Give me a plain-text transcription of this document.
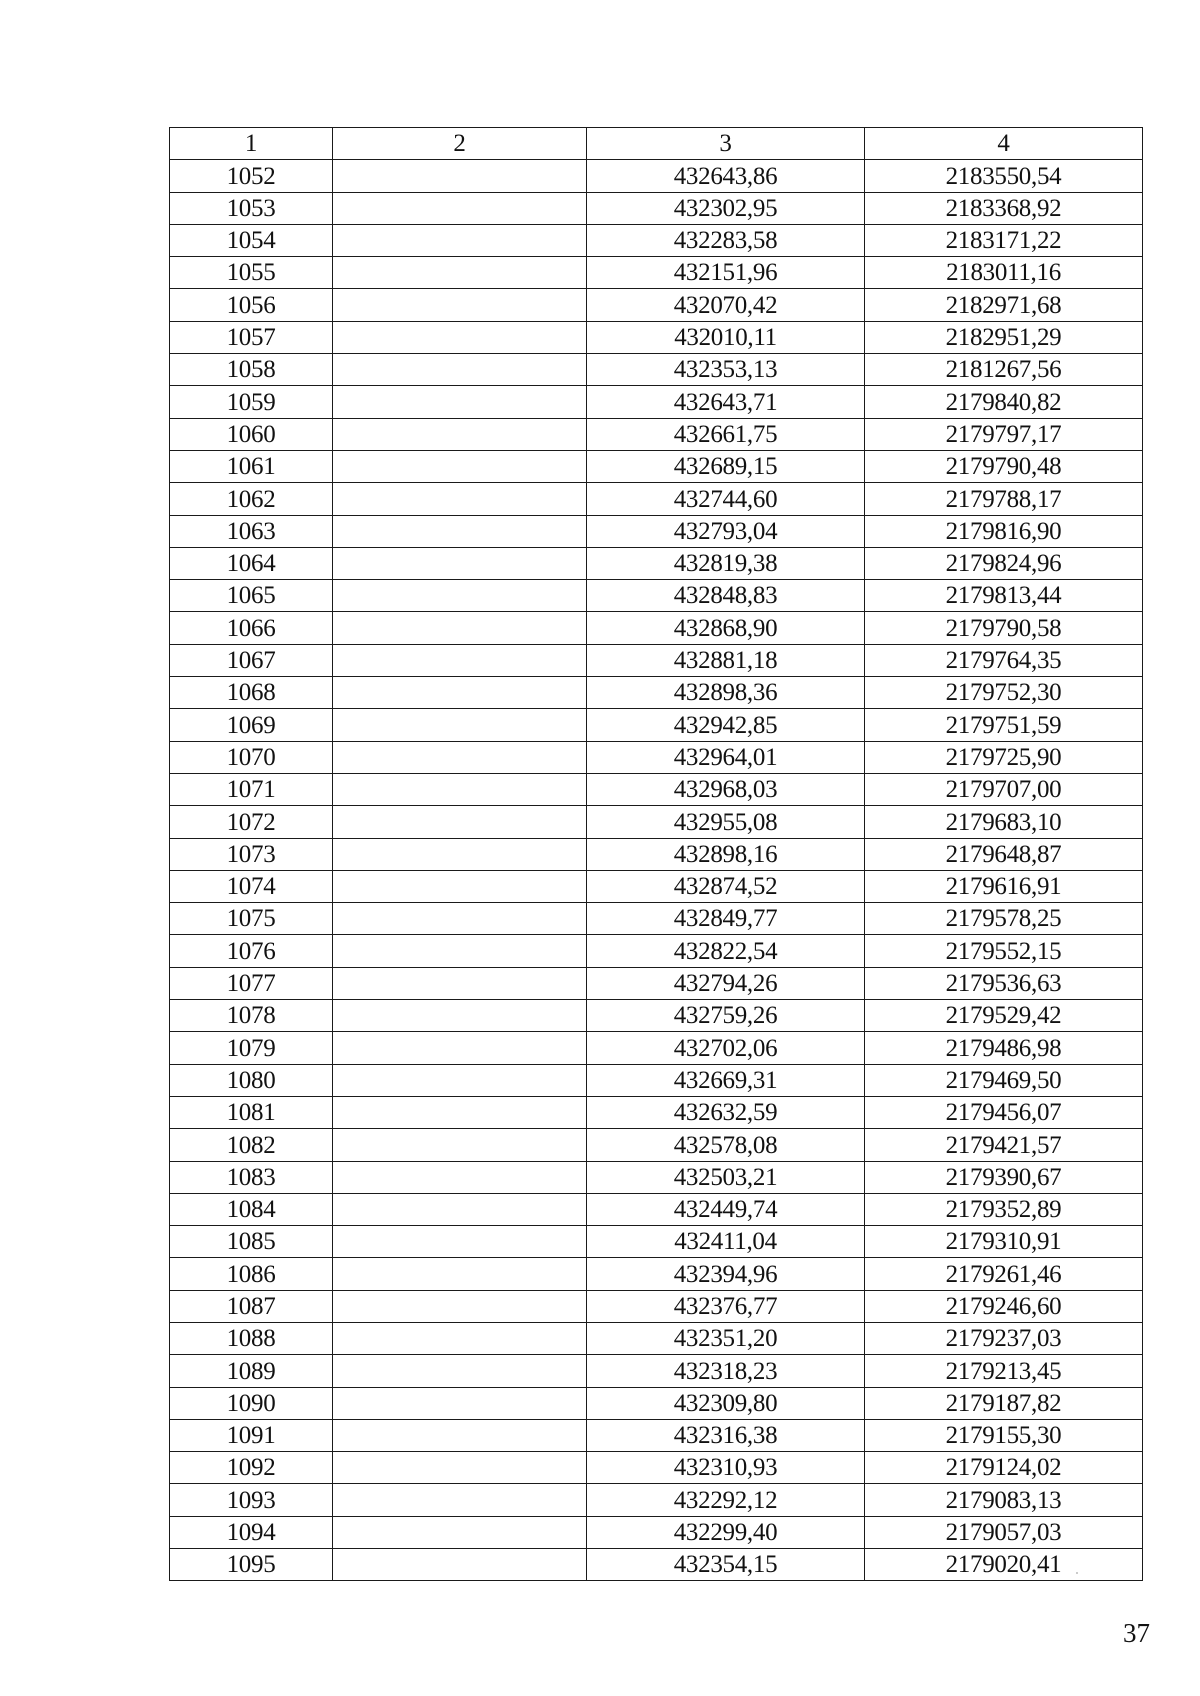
1	2	3	4
1052		432643,86	2183550,54
1053		432302,95	2183368,92
1054		432283,58	2183171,22
1055		432151,96	2183011,16
1056		432070,42	2182971,68
1057		432010,11	2182951,29
1058		432353,13	2181267,56
1059		432643,71	2179840,82
1060		432661,75	2179797,17
1061		432689,15	2179790,48
1062		432744,60	2179788,17
1063		432793,04	2179816,90
1064		432819,38	2179824,96
1065		432848,83	2179813,44
1066		432868,90	2179790,58
1067		432881,18	2179764,35
1068		432898,36	2179752,30
1069		432942,85	2179751,59
1070		432964,01	2179725,90
1071		432968,03	2179707,00
1072		432955,08	2179683,10
1073		432898,16	2179648,87
1074		432874,52	2179616,91
1075		432849,77	2179578,25
1076		432822,54	2179552,15
1077		432794,26	2179536,63
1078		432759,26	2179529,42
1079		432702,06	2179486,98
1080		432669,31	2179469,50
1081		432632,59	2179456,07
1082		432578,08	2179421,57
1083		432503,21	2179390,67
1084		432449,74	2179352,89
1085		432411,04	2179310,91
1086		432394,96	2179261,46
1087		432376,77	2179246,60
1088		432351,20	2179237,03
1089		432318,23	2179213,45
1090		432309,80	2179187,82
1091		432316,38	2179155,30
1092		432310,93	2179124,02
1093		432292,12	2179083,13
1094		432299,40	2179057,03
1095		432354,15	2179020,41
37
